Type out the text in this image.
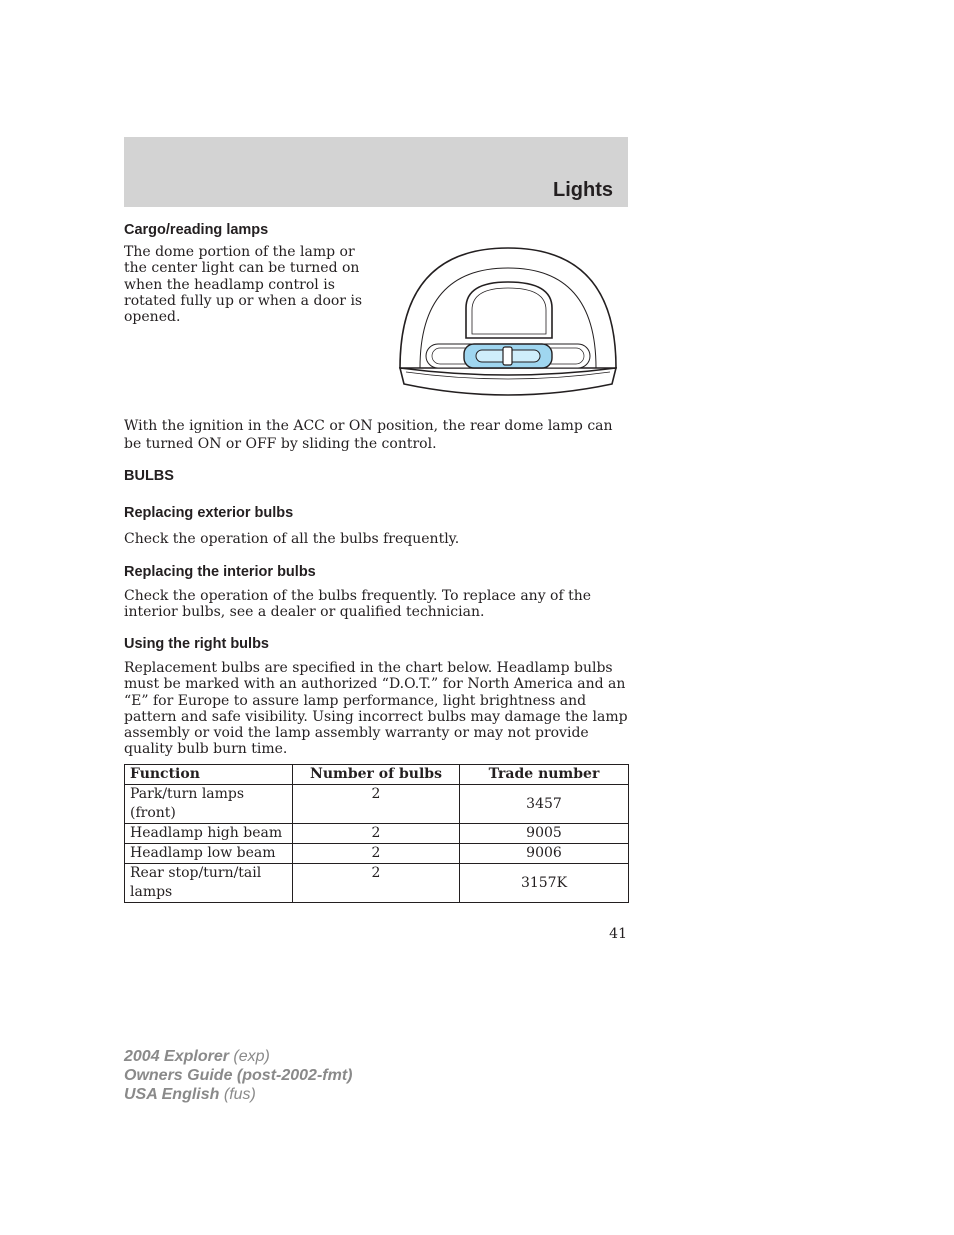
Lights
Cargo/reading lamps
The dome portion of the lamp or the center light can be turned on when the headlamp control is rotated fully up or when a door is opened.
With the ignition in the ACC or ON position, the rear dome lamp can be turned ON or OFF by sliding the control.
BULBS
Replacing exterior bulbs
Check the operation of all the bulbs frequently.
Replacing the interior bulbs
Check the operation of the bulbs frequently. To replace any of the interior bulbs, see a dealer or qualified technician.
Using the right bulbs
Replacement bulbs are specified in the chart below. Headlamp bulbs must be marked with an authorized “D.O.T.” for North America and an “E” for Europe to assure lamp performance, light brightness and pattern and safe visibility. Using incorrect bulbs may damage the lamp assembly or void the lamp assembly warranty or may not provide quality bulb burn time.
Function	Number of bulbs	Trade number
Park/turn lamps (front)	2	3457
Headlamp high beam	2	9005
Headlamp low beam	2	9006
Rear stop/turn/tail lamps	2	3157K
41
2004 Explorer (exp)
Owners Guide (post-2002-fmt)
USA English (fus)
